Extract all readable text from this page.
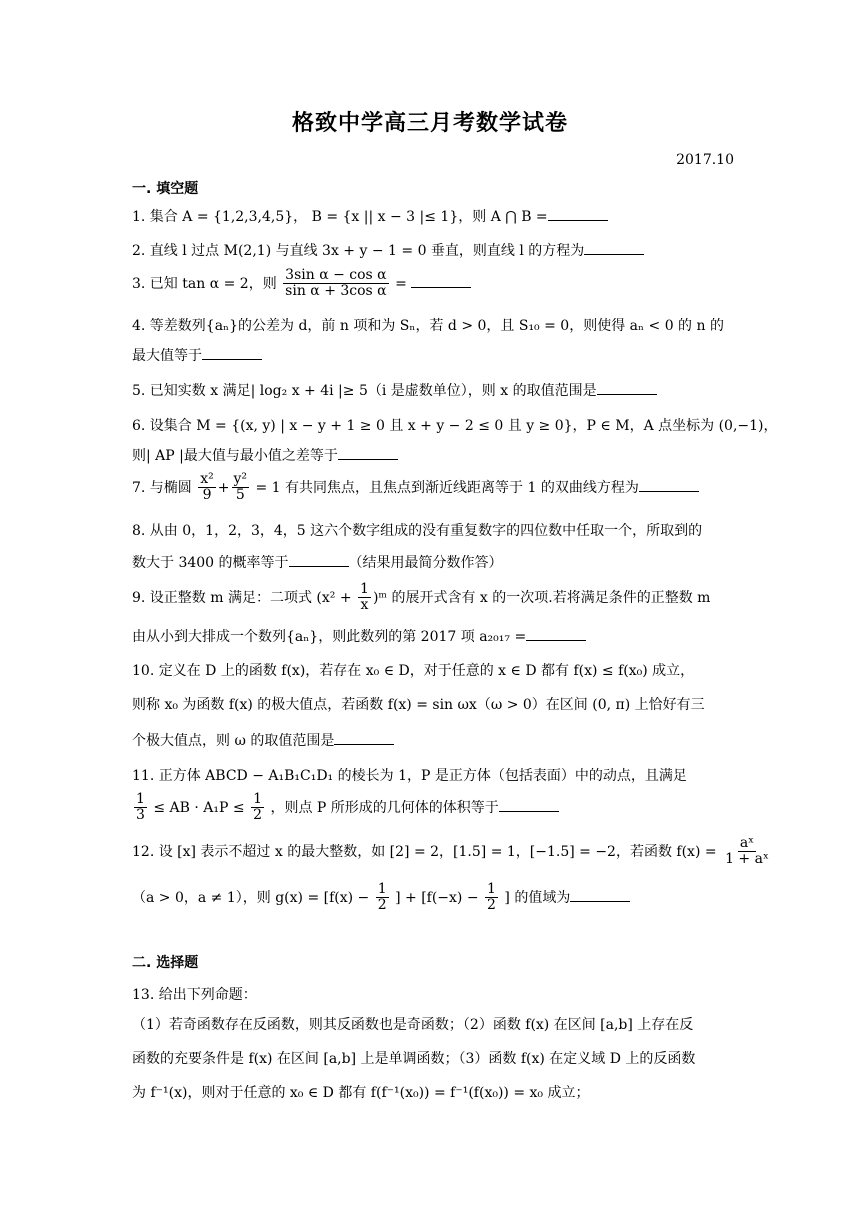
格致中学高三月考数学试卷
2017.10
一. 填空题
1. 集合 A = {1,2,3,4,5}， B = {x || x − 3 |≤ 1}，则 A ⋂ B =
2. 直线 l 过点 M(2,1) 与直线 3x + y − 1 = 0 垂直，则直线 l 的方程为
3. 已知 tan α = 2，则 $\frac{\text{3sin α − cos α}}{\text{sin α + 3cos α}}$ =
4. 等差数列{aₙ}的公差为 d，前 n 项和为 Sₙ，若 d > 0，且 S₁₀ = 0，则使得 aₙ < 0 的 n 的
最大值等于
5. 已知实数 x 满足| log₂ x + 4i |≥ 5（i 是虚数单位），则 x 的取值范围是
6. 设集合 M = {(x, y) | x − y + 1 ≥ 0 且 x + y − 2 ≤ 0 且 y ≥ 0}，P ∈ M，A 点坐标为 (0,−1)，
则| AP |最大值与最小值之差等于
7. 与椭圆 $\frac{\text{x²}}{9} + \frac{\text{y²}}{5} = 1$ 有共同焦点，且焦点到渐近线距离等于 1 的双曲线方程为
8. 从由 0，1，2，3，4，5 这六个数字组成的没有重复数字的四位数中任取一个，所取到的
数大于 3400 的概率等于	（结果用最简分数作答）
9. 设正整数 m 满足：二项式 ($x^2 + \frac{1}{x}$ )ᵐ 的展开式含有 x 的一次项.若将满足条件的正整数 m
由从小到大排成一个数列{aₙ}，则此数列的第 2017 项 a₂₀₁₇ =
10. 定义在 D 上的函数 f(x)，若存在 x₀ ∈ D，对于任意的 x ∈ D 都有 f(x) ≤ f(x₀) 成立，
则称 x₀ 为函数 f(x) 的极大值点，若函数 f(x) = sin ωx（ω > 0）在区间 (0, π) 上恰好有三
个极大值点，则 ω 的取值范围是
11. 正方体 ABCD − A₁B₁C₁D₁ 的棱长为 1，P 是正方体（包括表面）中的动点，且满足
$\frac{1}{3}$ ≤ AB · $A_1P \le \frac{1}{2}$ ，则点 P 所形成的几何体的体积等于
12. 设 [x] 表示不超过 x 的最大整数，如 [2] = 2，[1.5] = 1，[−1.5] = −2，若函数 $f(x) = \frac{\text{aˣ}}{\text{1 + aˣ}}$
（a > 0，a ≠ 1），则 $g(x) = [f(x) - \frac{1}{2}$ ] + [$f(-x) - \frac{1}{2}$ ] 的值域为
二. 选择题
13. 给出下列命题：
（1）若奇函数存在反函数，则其反函数也是奇函数；（2）函数 f(x) 在区间 [a,b] 上存在反
函数的充要条件是 f(x) 在区间 [a,b] 上是单调函数；（3）函数 f(x) 在定义域 D 上的反函数
为 f⁻¹(x)，则对于任意的 x₀ ∈ D 都有 f(f⁻¹(x₀)) = f⁻¹(f(x₀)) = x₀ 成立；
